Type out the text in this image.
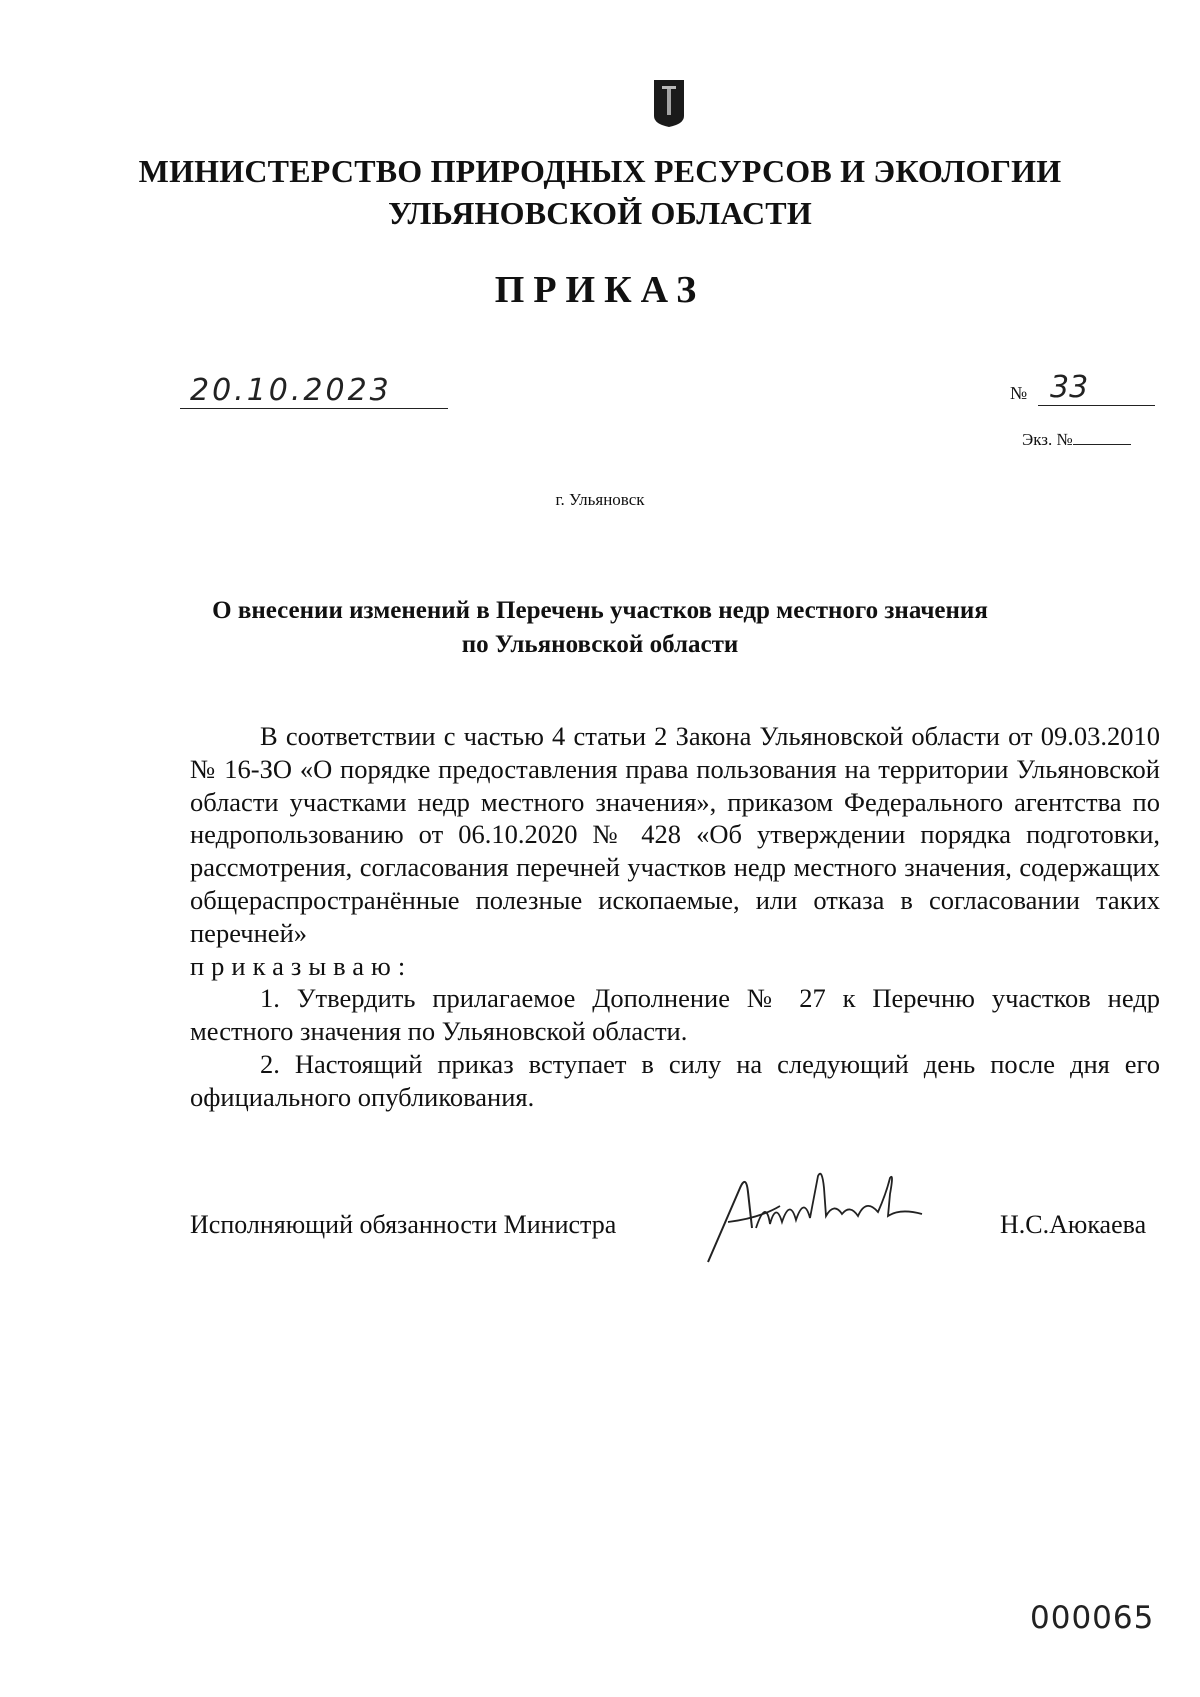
МИНИСТЕРСТВО ПРИРОДНЫХ РЕСУРСОВ И ЭКОЛОГИИ
УЛЬЯНОВСКОЙ ОБЛАСТИ
ПРИКАЗ
20.10.2023	№ 33
Экз. №
г. Ульяновск
О внесении изменений в Перечень участков недр местного значения
по Ульяновской области

В соответствии с частью 4 статьи 2 Закона Ульяновской области от 09.03.2010 № 16-ЗО «О порядке предоставления права пользования на территории Ульяновской области участками недр местного значения», приказом Федерального агентства по недропользованию от 06.10.2020 № 428 «Об утверждении порядка подготовки, рассмотрения, согласования перечней участков недр местного значения, содержащих общераспространённые полезные ископаемые, или отказа в согласовании таких перечней»

приказываю:

1. Утвердить прилагаемое Дополнение № 27 к Перечню участков недр местного значения по Ульяновской области.

2. Настоящий приказ вступает в силу на следующий день после дня его официального опубликования.

Исполняющий обязанности Министра	Н.С.Аюкаева
000065
